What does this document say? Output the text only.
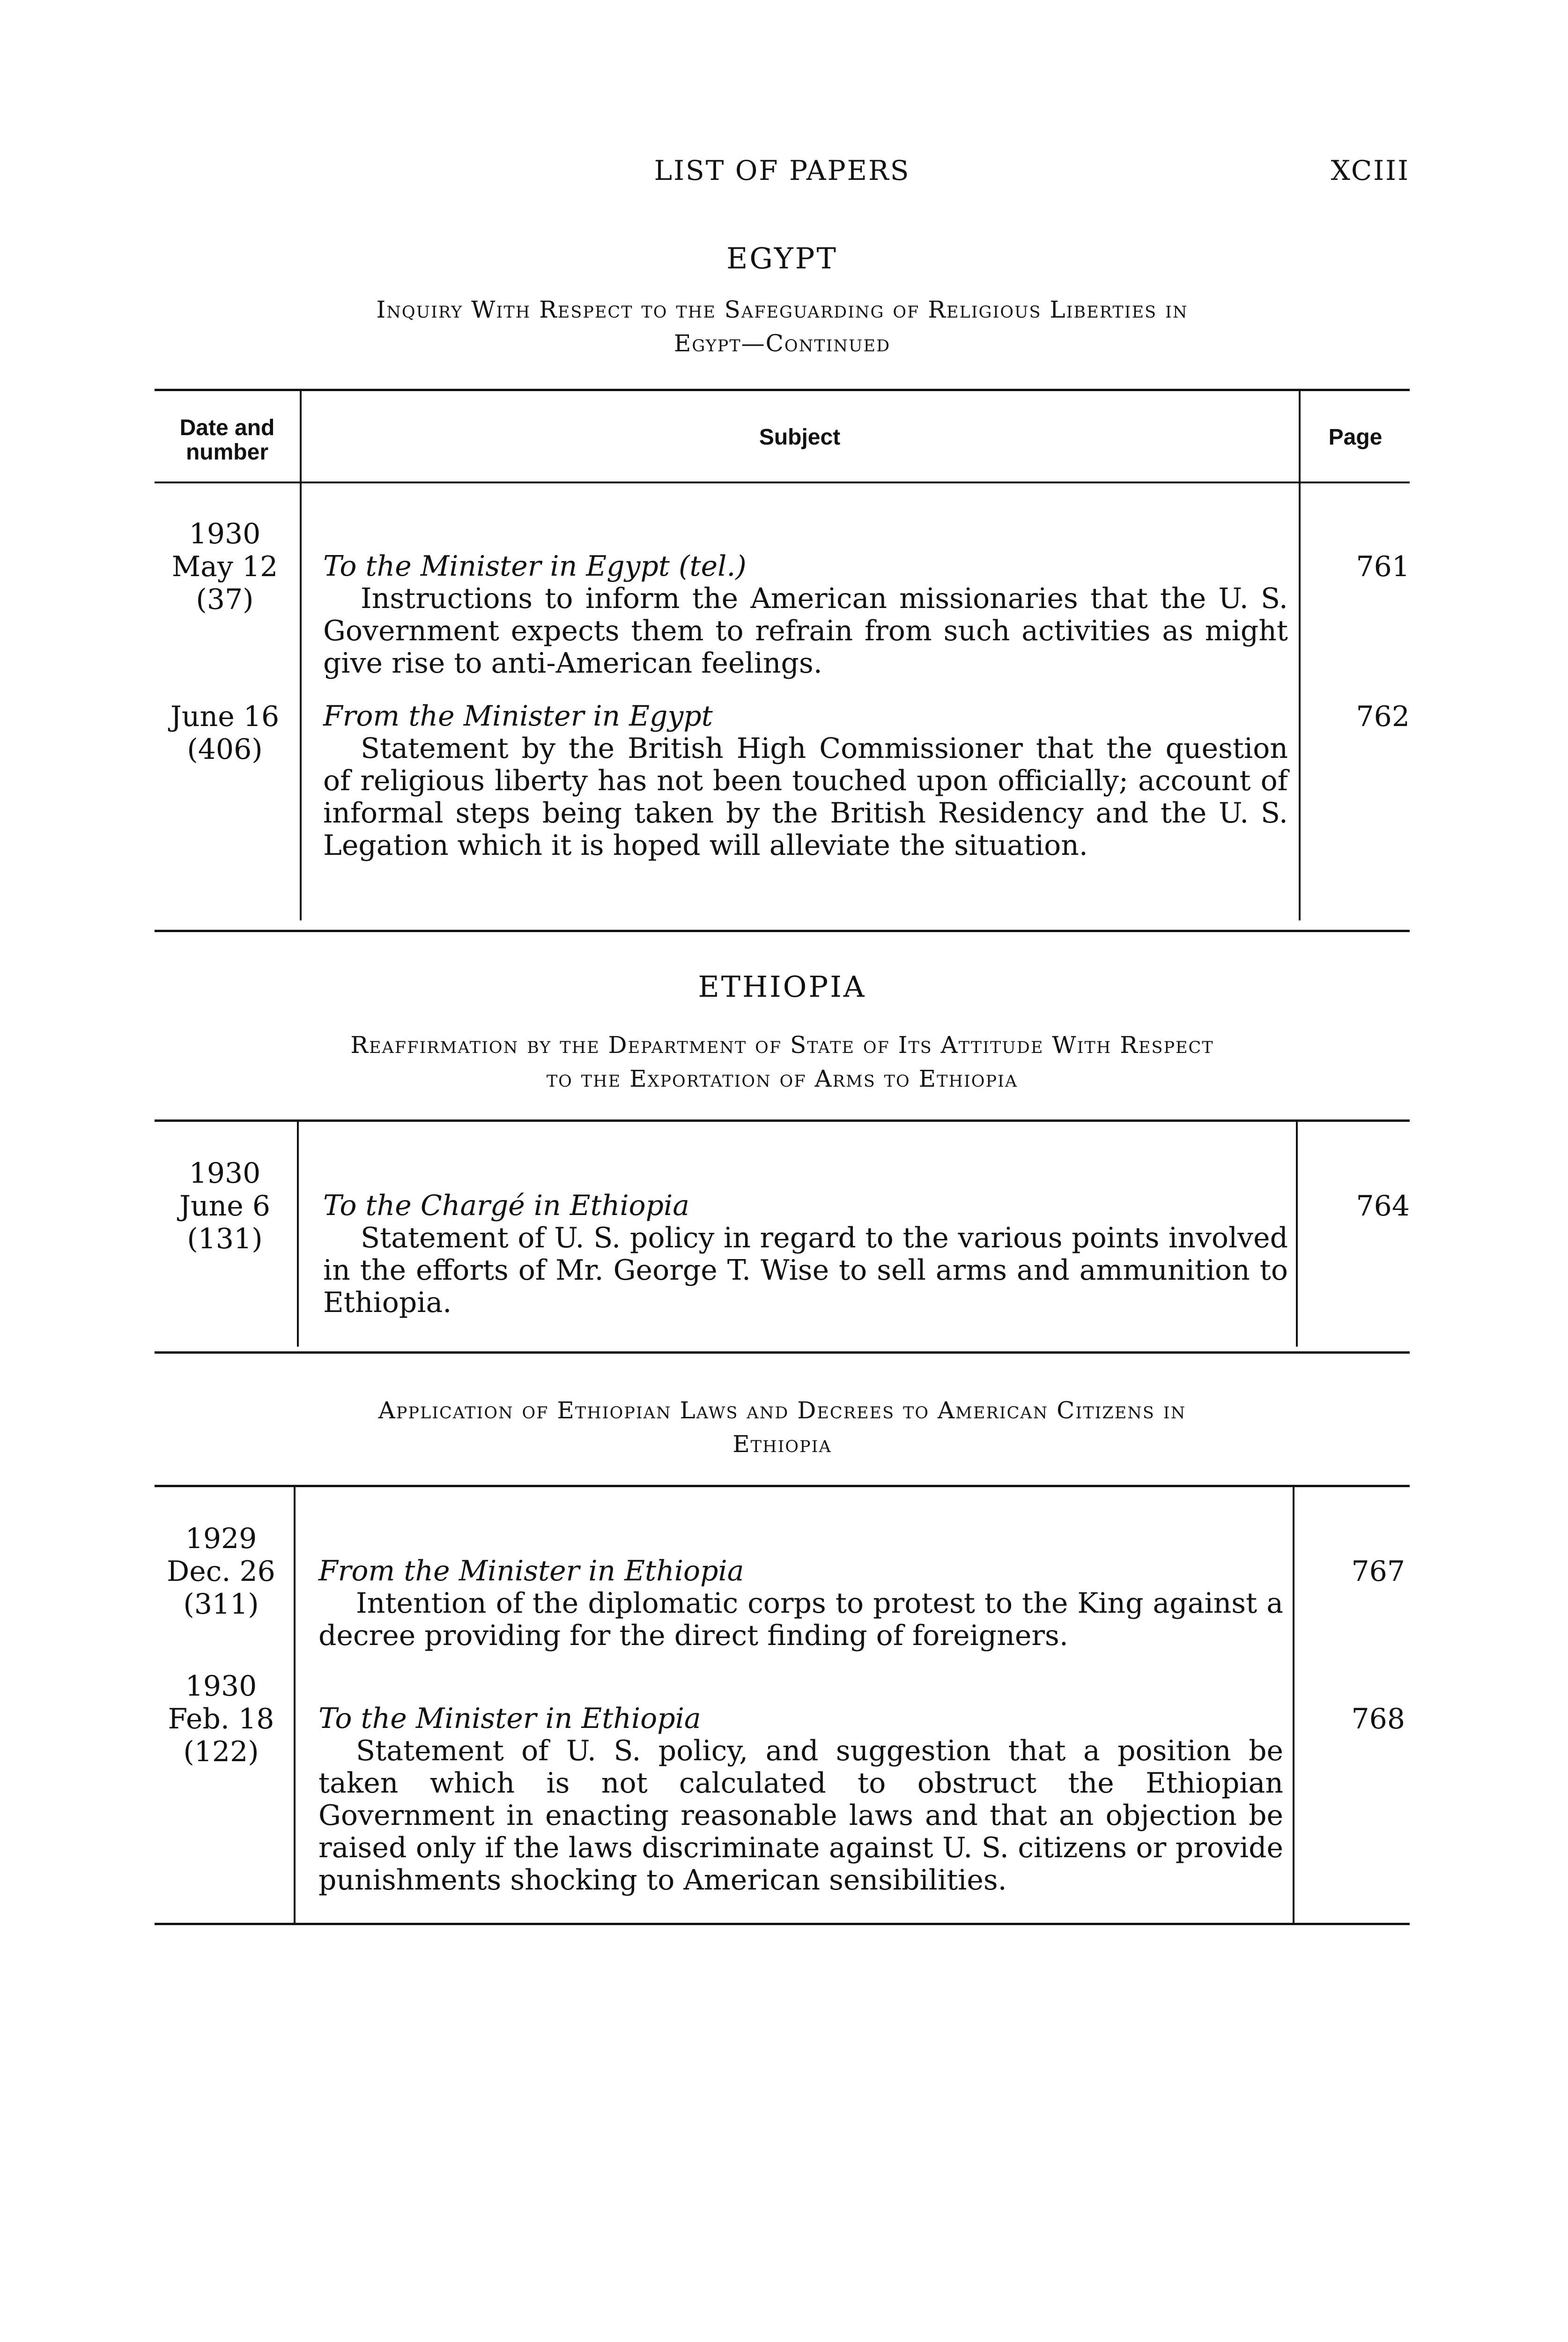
LIST OF PAPERS	XCIII
EGYPT
Inquiry With Respect to the Safeguarding of Religious Liberties in
Egypt—Continued
Date and number
Subject	Page
1930
May 12
(37)
To the Minister in Egypt (tel.)
Instructions to inform the American missionaries that the U. S. Government expects them to refrain from such activities as might give rise to anti-American feelings.
761
June 16
(406)
From the Minister in Egypt
Statement by the British High Commissioner that the question of religious liberty has not been touched upon officially; account of informal steps being taken by the British Residency and the U. S. Legation which it is hoped will alleviate the situation.
762
ETHIOPIA
Reaffirmation by the Department of State of Its Attitude With Respect
to the Exportation of Arms to Ethiopia
1930
June 6
(131)
To the Chargé in Ethiopia
Statement of U. S. policy in regard to the various points involved in the efforts of Mr. George T. Wise to sell arms and ammunition to Ethiopia.
764
Application of Ethiopian Laws and Decrees to American Citizens in
Ethiopia
1929
Dec. 26
(311)
From the Minister in Ethiopia
Intention of the diplomatic corps to protest to the King against a decree providing for the direct finding of foreigners.
767
1930
Feb. 18
(122)
To the Minister in Ethiopia
Statement of U. S. policy, and suggestion that a position be taken which is not calculated to obstruct the Ethiopian Government in enacting reasonable laws and that an objection be raised only if the laws discriminate against U. S. citizens or provide punishments shocking to American sensibilities.
768
